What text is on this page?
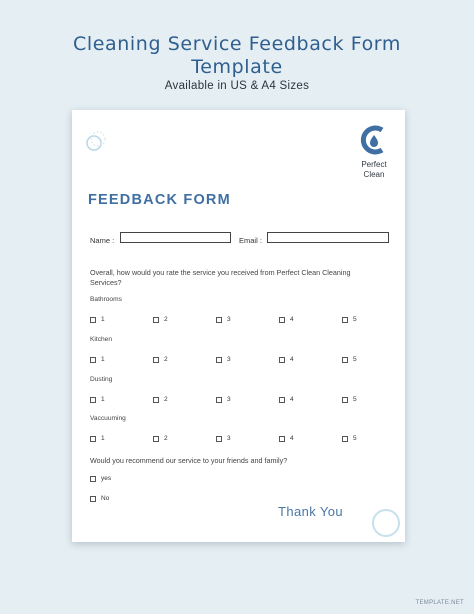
Cleaning Service Feedback Form
Template
Available in US & A4 Sizes
Perfect
Clean
FEEDBACK FORM
Name :	Email :
Overall, how would you rate the service you received from Perfect Clean Cleaning Services?
Bathrooms
1	2	3	4	5
Kitchen
1	2	3	4	5
Dusting
1	2	3	4	5
Vaccuuming
1	2	3	4	5
Would you recommend our service to your friends and family?
yes
No
Thank You
TEMPLATE.NET
